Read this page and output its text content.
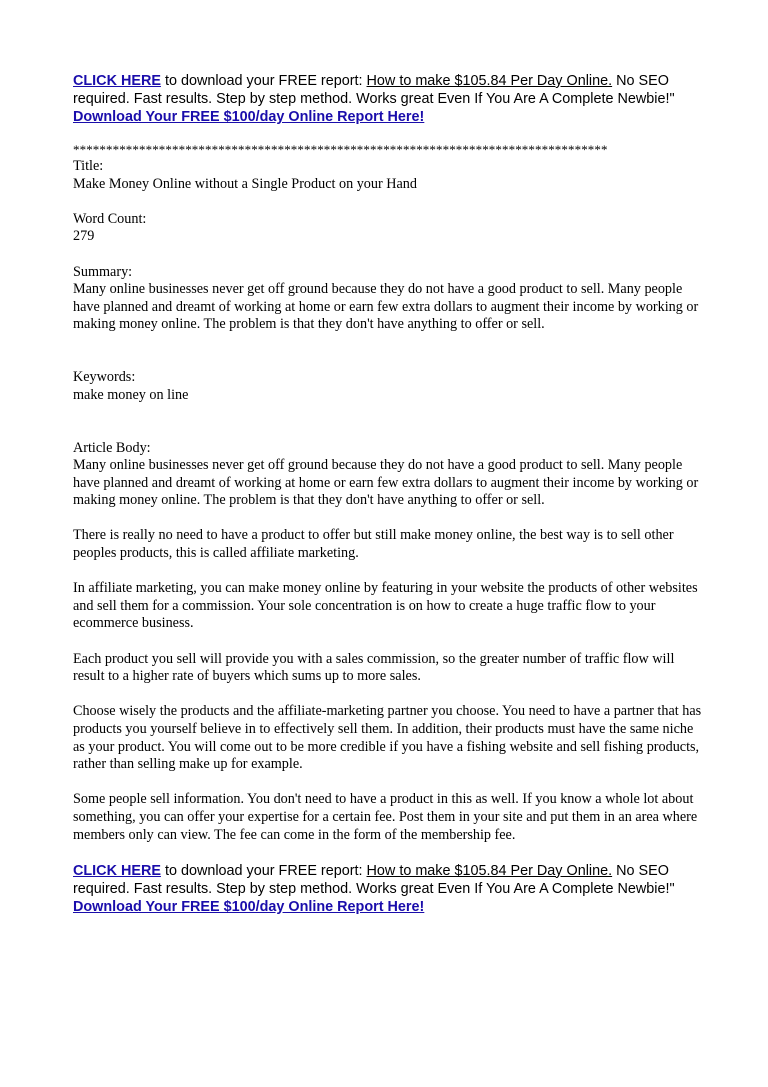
CLICK HERE to download your FREE report: How to make $105.84 Per Day Online. No SEO required. Fast results. Step by step method. Works great Even If You Are A Complete Newbie!" Download Your FREE $100/day Online Report Here!
*********************************************************************************

Title:

Make Money Online without a Single Product on your Hand

Word Count:

279

Summary:

Many online businesses never get off ground because they do not have a good product to sell. Many people have planned and dreamt of working at home or earn few extra dollars to augment their income by working or making money online. The problem is that they don't have anything to offer or sell.

Keywords:

make money on line

Article Body:

Many online businesses never get off ground because they do not have a good product to sell. Many people have planned and dreamt of working at home or earn few extra dollars to augment their income by working or making money online. The problem is that they don't have anything to offer or sell.

There is really no need to have a product to offer but still make money online, the best way is to sell other peoples products, this is called affiliate marketing.

In affiliate marketing, you can make money online by featuring in your website the products of other websites and sell them for a commission. Your sole concentration is on how to create a huge traffic flow to your ecommerce business.

Each product you sell will provide you with a sales commission, so the greater number of traffic flow will result to a higher rate of buyers which sums up to more sales.

Choose wisely the products and the affiliate-marketing partner you choose. You need to have a partner that has products you yourself believe in to effectively sell them. In addition, their products must have the same niche as your product. You will come out to be more credible if you have a fishing website and sell fishing products, rather than selling make up for example.

Some people sell information. You don't need to have a product in this as well. If you know a whole lot about something, you can offer your expertise for a certain fee. Post them in your site and put them in an area where members only can view. The fee can come in the form of the membership fee.

CLICK HERE to download your FREE report: How to make $105.84 Per Day Online. No SEO required. Fast results. Step by step method. Works great Even If You Are A Complete Newbie!" Download Your FREE $100/day Online Report Here!
